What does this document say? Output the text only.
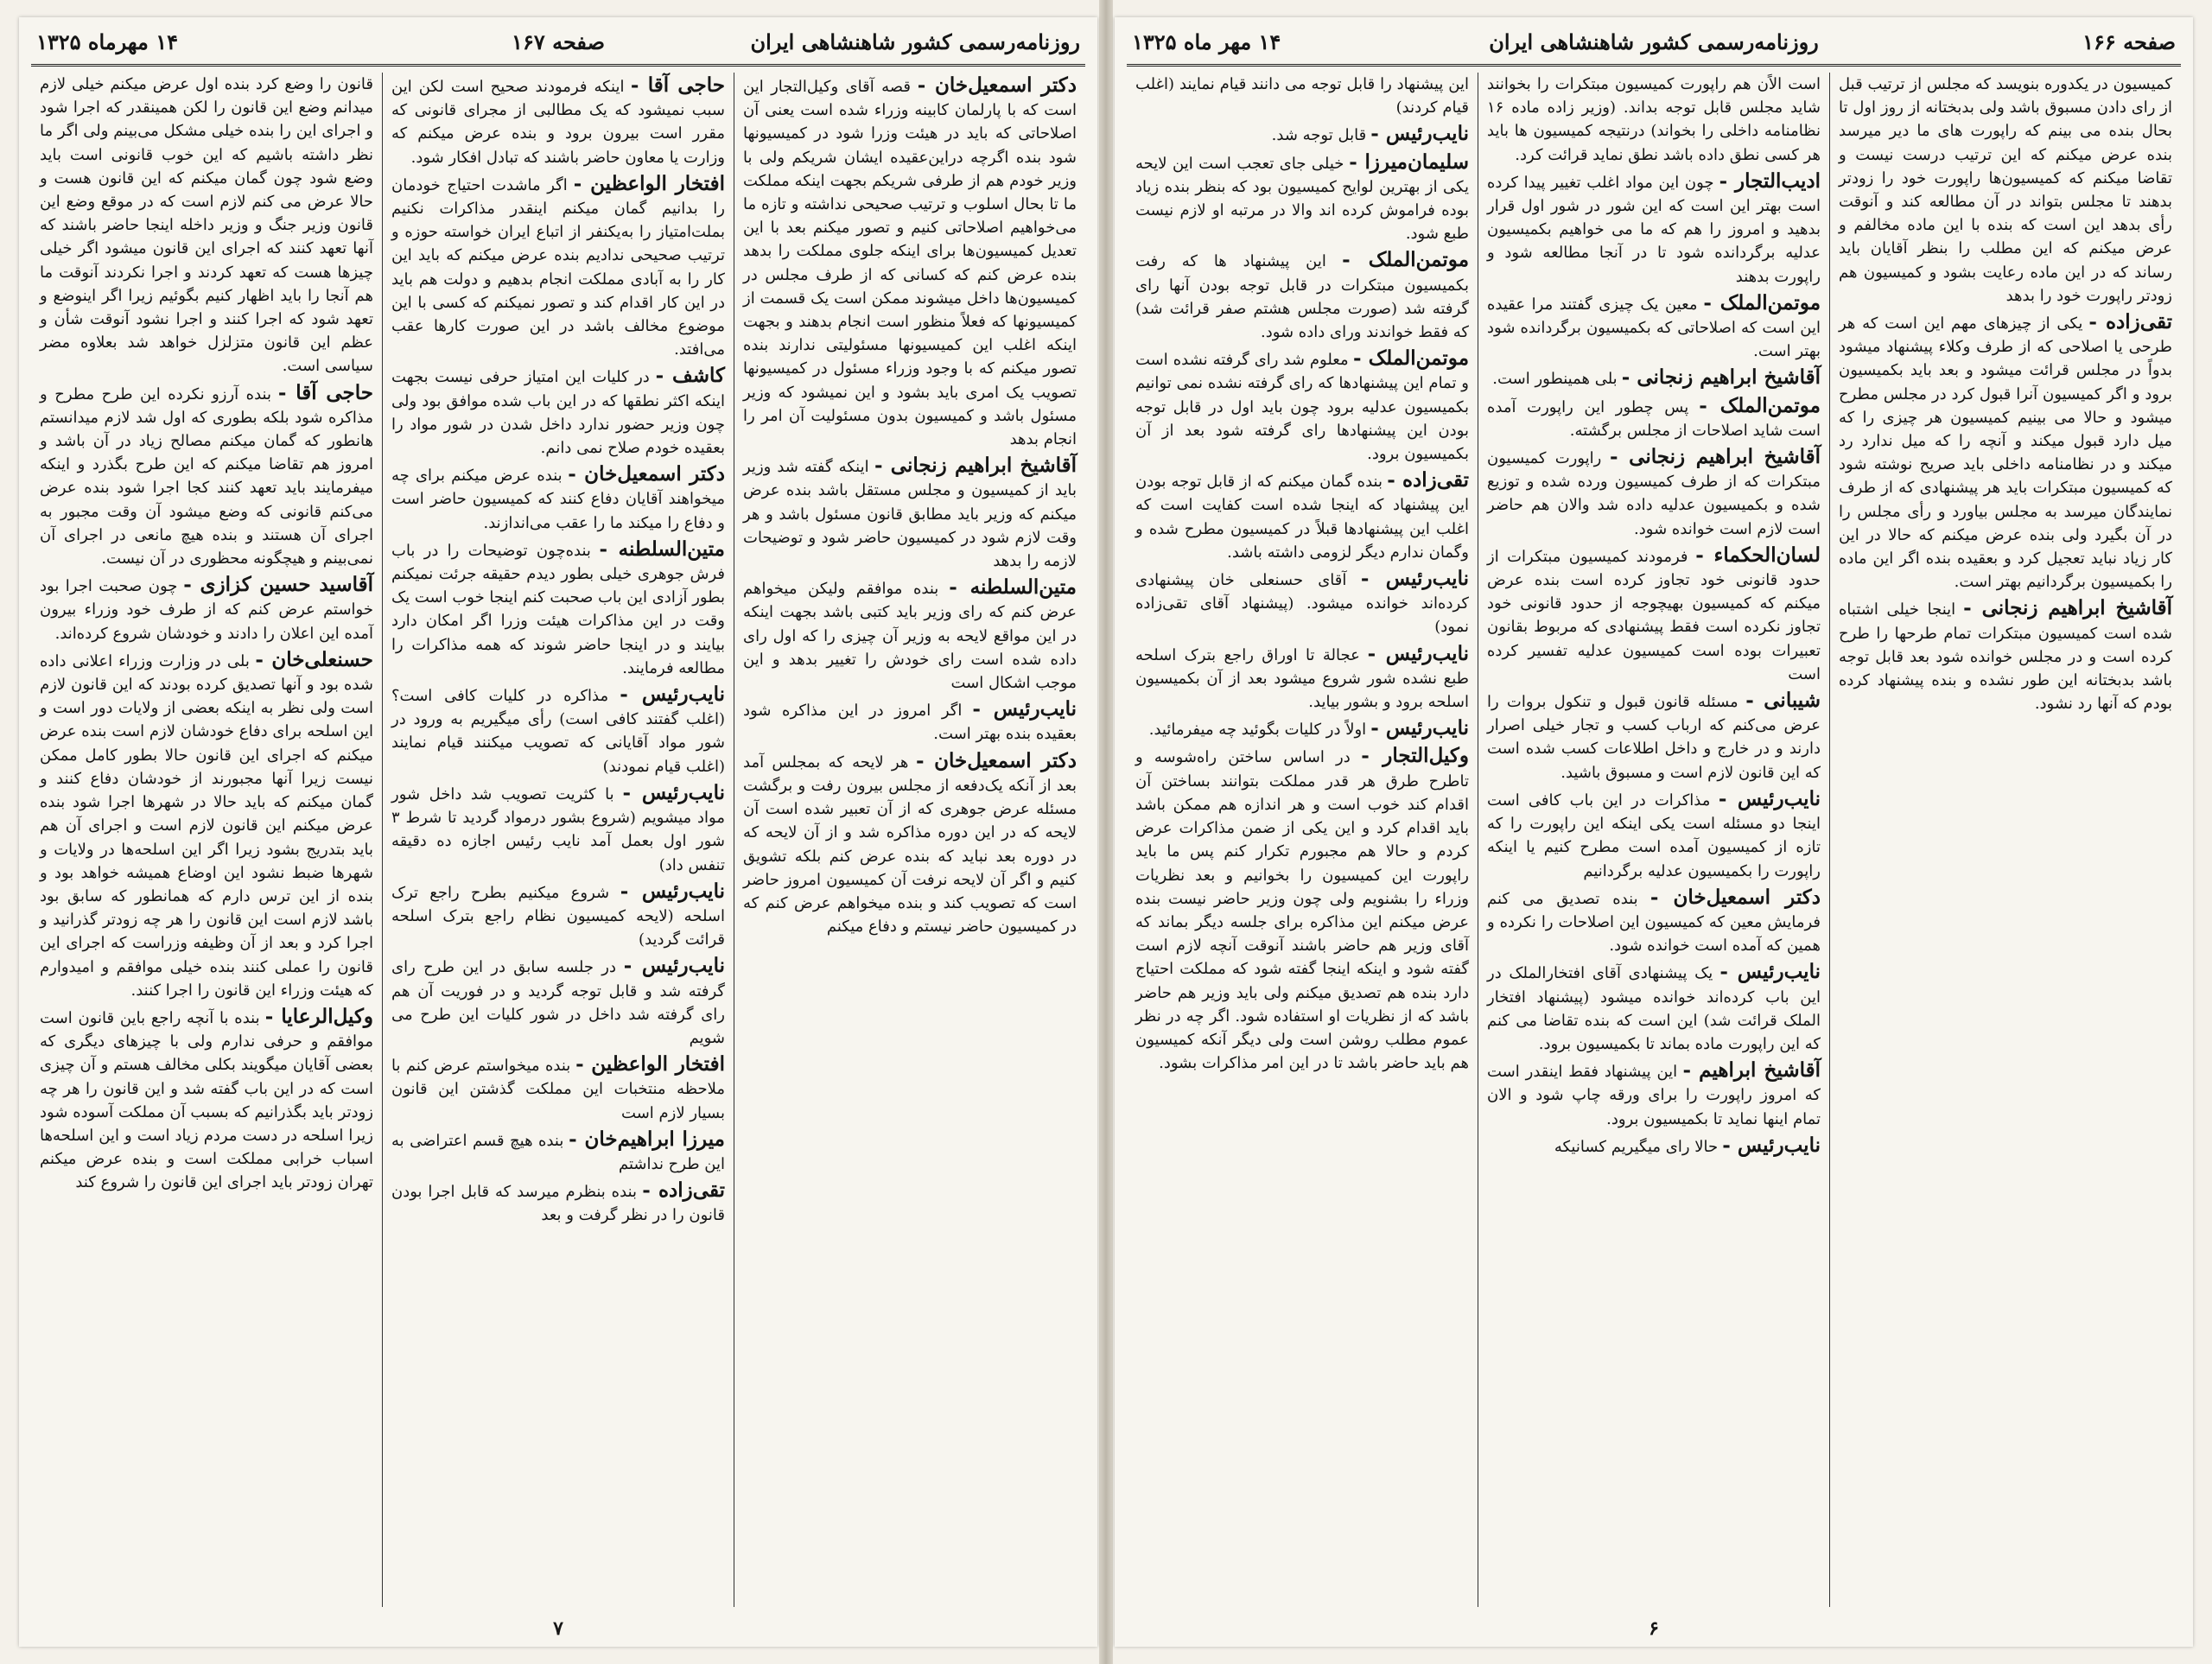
روزنامه‌رسمی کشور شاهنشاهی ایران
صفحه ۱۶۷
۱۴ مهرماه ۱۳۲۵
دکتر اسمعیل‌خان - قصه آقای وکیل‌التجار این است که با پارلمان کابینه وزراء شده است یعنی آن اصلاحاتی که باید در هیئت وزرا شود در کمیسیونها شود بنده اگرچه دراین‌عقیده ایشان شریکم ولی با وزیر خودم هم از طرفی شریکم بجهت اینکه مملکت ما تا بحال اسلوب و ترتیب صحیحی نداشته و تازه ما می‌خواهیم اصلاحاتی کنیم و تصور میکنم بعد با این تعدیل کمیسیون‌ها برای اینکه جلوی مملکت را بدهد بنده عرض کنم که کسانی که از طرف مجلس در کمیسیون‌ها داخل میشوند ممکن است یک قسمت از کمیسیونها که فعلاً منظور است انجام بدهند و بجهت اینکه اغلب این کمیسیونها مسئولیتی ندارند بنده تصور میکنم که با وجود وزراء مسئول در کمیسیونها تصویب یک امری باید بشود و این نمیشود که وزیر مسئول باشد و کمیسیون بدون مسئولیت آن امر را انجام بدهد
آقاشیخ ابراهیم زنجانی - اینکه گفته شد وزیر باید از کمیسیون و مجلس مستقل باشد بنده عرض میکنم که وزیر باید مطابق قانون مسئول باشد و هر وقت لازم شود در کمیسیون حاضر شود و توضیحات لازمه را بدهد
متین‌السلطنه - بنده موافقم ولیکن میخواهم عرض کنم که رای وزیر باید کتبی باشد بجهت اینکه در این مواقع لایحه به وزیر آن چیزی را که اول رای داده شده است رای خودش را تغییر بدهد و این موجب اشکال است
نایب‌رئیس - اگر امروز در این مذاکره شود بعقیده بنده بهتر است.
دکتر اسمعیل‌خان - هر لایحه که بمجلس آمد بعد از آنکه یک‌دفعه از مجلس بیرون رفت و برگشت مسئله عرض جوهری که از آن تعبیر شده است آن لایحه که در این دوره مذاکره شد و از آن لایحه که در دوره بعد نباید که بنده عرض کنم بلکه تشویق کنیم و اگر آن لایحه نرفت آن کمیسیون امروز حاضر است که تصویب کند و بنده میخواهم عرض کنم که در کمیسیون حاضر نیستم و دفاع میکنم
حاجی آقا - اینکه فرمودند صحیح است لکن این سبب نمیشود که یک مطالبی از مجرای قانونی که مقرر است بیرون برود و بنده عرض میکنم که وزارت یا معاون حاضر باشند که تبادل افکار شود.
افتخار الواعظین - اگر ماشدت احتیاج خودمان را بدانیم گمان میکنم اینقدر مذاکرات نکنیم بملت‌امتیاز را به‌یکنفر از اتباع ایران خواسته حوزه و ترتیب صحیحی ندادیم بنده عرض میکنم که باید این کار را به آبادی مملکت انجام بدهیم و دولت هم باید در این کار اقدام کند و تصور نمیکنم که کسی با این موضوع مخالف باشد در این صورت کارها عقب می‌افتد.
کاشف - در کلیات این امتیاز حرفی نیست بجهت اینکه اکثر نطقها که در این باب شده موافق بود ولی چون وزیر حضور ندارد داخل شدن در شور مواد را بعقیده خودم صلاح نمی دانم.
دکتر اسمعیل‌خان - بنده عرض میکنم برای چه میخواهند آقایان دفاع کنند که کمیسیون حاضر است و دفاع را میکند ما را عقب می‌اندازند.
متین‌السلطنه - بنده‌چون توضیحات را در باب فرش جوهری خیلی بطور دیدم حقیقه جرئت نمیکنم بطور آزادی این باب صحبت کنم اینجا خوب است یک وقت در این مذاکرات هیئت وزرا اگر امکان دارد بیایند و در اینجا حاضر شوند که همه مذاکرات را مطالعه فرمایند.
نایب‌رئیس - مذاکره در کلیات کافی است؟ (اغلب گفتند کافی است) رأی میگیریم به ورود در شور مواد آقایانی که تصویب میکنند قیام نمایند (اغلب قیام نمودند)
نایب‌رئیس - با کثریت تصویب شد داخل شور مواد میشویم (شروع بشور درمواد گردید تا شرط ۳ شور اول بعمل آمد نایب رئیس اجازه ده دقیقه تنفس داد)
نایب‌رئیس - شروع میکنیم بطرح راجع ترک اسلحه (لایحه کمیسیون نظام راجع بترک اسلحه قرائت گردید)
نایب‌رئیس - در جلسه سابق در این طرح رای گرفته شد و قابل توجه گردید و در فوریت آن هم رای گرفته شد داخل در شور کلیات این طرح می شویم
افتخار الواعظین - بنده میخواستم عرض کنم با ملاحظه منتخبات این مملکت گذشتن این قانون بسیار لازم است
میرزا ابراهیم‌خان - بنده هیچ قسم اعتراضی به این طرح نداشتم
تقی‌زاده - بنده بنظرم میرسد که قابل اجرا بودن قانون را در نظر گرفت و بعد
قانون را وضع کرد بنده اول عرض میکنم خیلی لازم میدانم وضع این قانون را لکن همینقدر که اجرا شود و اجرای این را بنده خیلی مشکل می‌بینم ولی اگر ما نظر داشته باشیم که این خوب قانونی است باید وضع شود چون گمان میکنم که این قانون هست و حالا عرض می کنم لازم است که در موقع وضع این قانون وزیر جنگ و وزیر داخله اینجا حاضر باشند که آنها تعهد کنند که اجرای این قانون میشود اگر خیلی چیزها هست که تعهد کردند و اجرا نکردند آنوقت ما هم آنجا را باید اظهار کنیم بگوئیم زیرا اگر اینوضع و تعهد شود که اجرا کنند و اجرا نشود آنوقت شأن و عظم این قانون متزلزل خواهد شد بعلاوه مضر سیاسی است.
حاجی آقا - بنده آرزو نکرده این طرح مطرح و مذاکره شود بلکه بطوری که اول شد لازم میدانستم هانطور که گمان میکنم مصالح زیاد در آن باشد و امروز هم تقاضا میکنم که این طرح بگذرد و اینکه میفرمایند باید تعهد کنند کجا اجرا شود بنده عرض می‌کنم قانونی که وضع میشود آن وقت مجبور به اجرای آن هستند و بنده هیچ مانعی در اجرای آن نمی‌بینم و هیچگونه محظوری در آن نیست.
آقاسید حسین کزازی - چون صحبت اجرا بود خواستم عرض کنم که از طرف خود وزراء بیرون آمده این اعلان را دادند و خودشان شروع کرده‌اند.
حسنعلی‌خان - بلی در وزارت وزراء اعلانی داده شده بود و آنها تصدیق کرده بودند که این قانون لازم است ولی نظر به اینکه بعضی از ولایات دور است و این اسلحه برای دفاع خودشان لازم است بنده عرض میکنم که اجرای این قانون حالا بطور کامل ممکن نیست زیرا آنها مجبورند از خودشان دفاع کنند و گمان میکنم که باید حالا در شهرها اجرا شود بنده عرض میکنم این قانون لازم است و اجرای آن هم باید بتدریج بشود زیرا اگر این اسلحه‌ها در ولایات و شهرها ضبط نشود این اوضاع همیشه خواهد بود و بنده از این ترس دارم که همانطور که سابق بود باشد لازم است این قانون را هر چه زودتر گذرانید و اجرا کرد و بعد از آن وظیفه وزراست که اجرای این قانون را عملی کنند بنده خیلی موافقم و امیدوارم که هیئت وزراء این قانون را اجرا کنند.
وکیل‌الرعایا - بنده با آنچه راجع باین قانون است موافقم و حرفی ندارم ولی با چیزهای دیگری که بعضی آقایان میگویند بکلی مخالف هستم و آن چیزی است که در این باب گفته شد و این قانون را هر چه زودتر باید بگذرانیم که بسبب آن مملکت آسوده شود زیرا اسلحه در دست مردم زیاد است و این اسلحه‌ها اسباب خرابی مملکت است و بنده عرض میکنم تهران زودتر باید اجرای این قانون را شروع کند
۷
صفحه ۱۶۶
روزنامه‌رسمی کشور شاهنشاهی ایران
۱۴ مهر ماه ۱۳۲۵
کمیسیون در یکدوره بنویسد که مجلس از ترتیب قبل از رای دادن مسبوق باشد ولی بدبختانه از روز اول تا بحال بنده می بینم که راپورت های ما دیر میرسد بنده عرض میکنم که این ترتیب درست نیست و تقاضا میکنم که کمیسیون‌ها راپورت خود را زودتر بدهند تا مجلس بتواند در آن مطالعه کند و آنوقت رأی بدهد این است که بنده با این ماده مخالفم و عرض میکنم که این مطلب را بنظر آقایان باید رساند که در این ماده رعایت بشود و کمیسیون هم زودتر راپورت خود را بدهد
تقی‌زاده - یکی از چیزهای مهم این است که هر طرحی یا اصلاحی که از طرف وکلاء پیشنهاد میشود بدواً در مجلس قرائت میشود و بعد باید بکمیسیون برود و اگر کمیسیون آنرا قبول کرد در مجلس مطرح میشود و حالا می بینیم کمیسیون هر چیزی را که میل دارد قبول میکند و آنچه را که میل ندارد رد میکند و در نظامنامه داخلی باید صریح نوشته شود که کمیسیون مبتکرات باید هر پیشنهادی که از طرف نمایندگان میرسد به مجلس بیاورد و رأی مجلس را در آن بگیرد ولی بنده عرض میکنم که حالا در این کار زیاد نباید تعجیل کرد و بعقیده بنده اگر این ماده را بکمیسیون برگردانیم بهتر است.
آقاشیخ ابراهیم زنجانی - اینجا خیلی اشتباه شده است کمیسیون مبتکرات تمام طرحها را طرح کرده است و در مجلس خوانده شود بعد قابل توجه باشد بدبختانه این طور نشده و بنده پیشنهاد کرده بودم که آنها رد نشود.
است الاًن هم راپورت کمیسیون مبتکرات را بخوانند شاید مجلس قابل توجه بداند. (وزیر زاده ماده ۱۶ نظامنامه داخلی را بخواند) درنتیجه کمیسیون ها باید هر کسی نطق داده باشد نطق نماید قرائت کرد.
ادیب‌التجار - چون این مواد اغلب تغییر پیدا کرده است بهتر این است که این شور در شور اول قرار بدهید و امروز را هم که ما می خواهیم بکمیسیون عدلیه برگردانده شود تا در آنجا مطالعه شود و راپورت بدهند
موتمن‌الملک - معین یک چیزی گفتند مرا عقیده این است که اصلاحاتی که بکمیسیون برگردانده شود بهتر است.
آقاشیخ ابراهیم زنجانی - بلی همینطور است.
موتمن‌الملک - پس چطور این راپورت آمده است شاید اصلاحات از مجلس برگشته.
آقاشیخ ابراهیم زنجانی - راپورت کمیسیون مبتکرات که از طرف کمیسیون ورده شده و توزیع شده و بکمیسیون عدلیه داده شد والان هم حاضر است لازم است خوانده شود.
لسان‌الحکماء - فرمودند کمیسیون مبتکرات از حدود قانونی خود تجاوز کرده است بنده عرض میکنم که کمیسیون بهیچوجه از حدود قانونی خود تجاوز نکرده است فقط پیشنهادی که مربوط بقانون تعبیرات بوده است کمیسیون عدلیه تفسیر کرده است
شیبانی - مسئله قانون قبول و تنکول بروات را عرض می‌کنم که ارباب کسب و تجار خیلی اصرار دارند و در خارج و داخل اطلاعات کسب شده است که این قانون لازم است و مسبوق باشید.
نایب‌رئیس - مذاکرات در این باب کافی است اینجا دو مسئله است یکی اینکه این راپورت را که تازه از کمیسیون آمده است مطرح کنیم یا اینکه راپورت را بکمیسیون عدلیه برگردانیم
دکتر اسمعیل‌خان - بنده تصدیق می کنم فرمایش معین که کمیسیون این اصلاحات را نکرده و همین که آمده است خوانده شود.
نایب‌رئیس - یک پیشنهادی آقای افتخارالملک در این باب کرده‌اند خوانده میشود (پیشنهاد افتخار الملک قرائت شد) این است که بنده تقاضا می کنم که این راپورت ماده بماند تا بکمیسیون برود.
آقاشیخ ابراهیم - این پیشنهاد فقط اینقدر است که امروز راپورت را برای ورقه چاپ شود و الان تمام اینها نماید تا بکمیسیون برود.
نایب‌رئیس - حالا رای میگیریم کسانیکه
این پیشنهاد را قابل توجه می دانند قیام نمایند (اغلب قیام کردند)
نایب‌رئیس - قابل توجه شد.
سلیمان‌میرزا - خیلی جای تعجب است این لایحه یکی از بهترین لوایح کمیسیون بود که بنظر بنده زیاد بوده فراموش کرده اند والا در مرتبه او لازم نیست طبع شود.
موتمن‌الملک - این پیشنهاد ها که رفت بکمیسیون مبتکرات در قابل توجه بودن آنها رای گرفته شد (صورت مجلس هشتم صفر قرائت شد) که فقط خواندند ورای داده شود.
موتمن‌الملک - معلوم شد رای گرفته نشده است و تمام این پیشنهادها که رای گرفته نشده نمی توانیم بکمیسیون عدلیه برود چون باید اول در قابل توجه بودن این پیشنهادها رای گرفته شود بعد از آن بکمیسیون برود.
تقی‌زاده - بنده گمان میکنم که از قابل توجه بودن این پیشنهاد که اینجا شده است کفایت است که اغلب این پیشنهادها قبلاً در کمیسیون مطرح شده و وگمان ندارم دیگر لزومی داشته باشد.
نایب‌رئیس - آقای حسنعلی خان پیشنهادی کرده‌اند خوانده میشود. (پیشنهاد آقای تقی‌زاده نمود)
نایب‌رئیس - عجالة تا اوراق راجع بترک اسلحه طبع نشده شور شروع میشود بعد از آن بکمیسیون اسلحه برود و بشور بیاید.
نایب‌رئیس - اولاً در کلیات بگوئید چه میفرمائید.
وکیل‌التجار - در اساس ساختن راه‌شوسه و تاطرح طرق هر قدر مملکت بتوانند بساختن آن اقدام کند خوب است و هر اندازه هم ممکن باشد باید اقدام کرد و این یکی از ضمن مذاکرات عرض کردم و حالا هم مجبورم تکرار کنم پس ما باید راپورت این کمیسیون را بخوانیم و بعد نظریات وزراء را بشنویم ولی چون وزیر حاضر نیست بنده عرض میکنم این مذاکره برای جلسه دیگر بماند که آقای وزیر هم حاضر باشند آنوقت آنچه لازم است گفته شود و اینکه اینجا گفته شود که مملکت احتیاج دارد بنده هم تصدیق میکنم ولی باید وزیر هم حاضر باشد که از نظریات او استفاده شود. اگر چه در نظر عموم مطلب روشن است ولی دیگر آنکه کمیسیون هم باید حاضر باشد تا در این امر مذاکرات بشود.
۶
